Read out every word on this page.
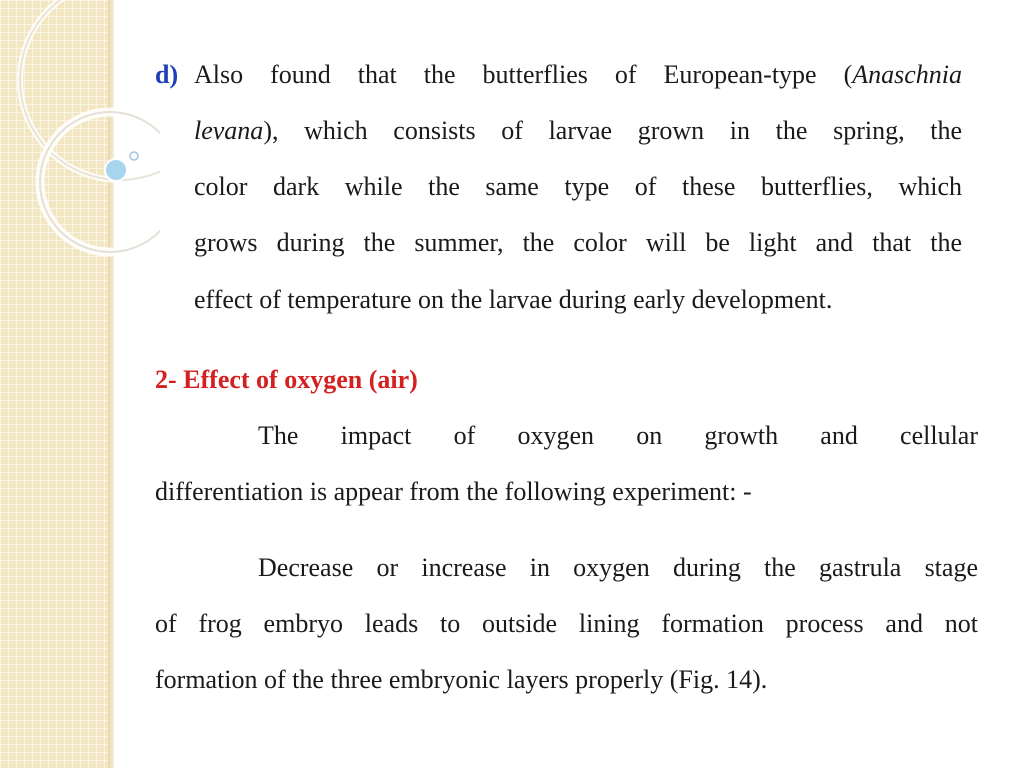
d) Also found that the butterflies of European-type (Anaschnia
levana), which consists of larvae grown in the spring, the
color dark while the same type of these butterflies, which
grows during the summer, the color will be light and that the
effect of temperature on the larvae during early development.

2- Effect of oxygen (air)

The impact of oxygen on growth and cellular
differentiation is appear from the following experiment: -
Decrease or increase in oxygen during the gastrula stage
of frog embryo leads to outside lining formation process and not
formation of the three embryonic layers properly (Fig. 14).
